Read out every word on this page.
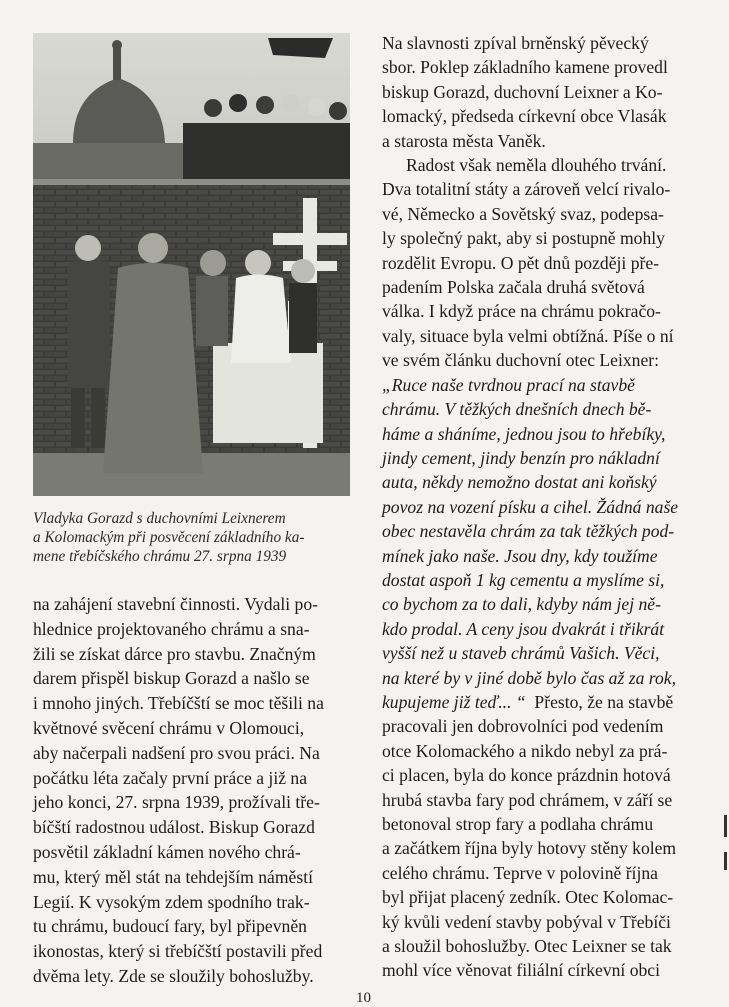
Vladyka Gorazd s duchovními Leixnerem
a Kolomackým při posvěcení základního ka-
mene třebíčského chrámu 27. srpna 1939
na zahájení stavební činnosti. Vydali po-
hlednice projektovaného chrámu a sna-
žili se získat dárce pro stavbu. Značným
darem přispěl biskup Gorazd a našlo se
i mnoho jiných. Třebíčští se moc těšili na
květnové svěcení chrámu v Olomouci,
aby načerpali nadšení pro svou práci. Na
počátku léta začaly první práce a již na
jeho konci, 27. srpna 1939, prožívali tře-
bíčští radostnou událost. Biskup Gorazd
posvětil základní kámen nového chrá-
mu, který měl stát na tehdejším náměstí
Legií. K vysokým zdem spodního trak-
tu chrámu, budoucí fary, byl připevněn
ikonostas, který si třebíčští postavili před
dvěma lety. Zde se sloužily bohoslužby.
Na slavnosti zpíval brněnský pěvecký
sbor. Poklep základního kamene provedl
biskup Gorazd, duchovní Leixner a Ko-
lomacký, předseda církevní obce Vlasák
a starosta města Vaněk.
Radost však neměla dlouhého trvání.
Dva totalitní státy a zároveň velcí rivalo-
vé, Německo a Sovětský svaz, podepsa-
ly společný pakt, aby si postupně mohly
rozdělit Evropu. O pět dnů později pře-
padením Polska začala druhá světová
válka. I když práce na chrámu pokračo-
valy, situace byla velmi obtížná. Píše o ní
ve svém článku duchovní otec Leixner:
„Ruce naše tvrdnou prací na stavbě
chrámu. V těžkých dnešních dnech bě-
háme a sháníme, jednou jsou to hřebíky,
jindy cement, jindy benzín pro nákladní
auta, někdy nemožno dostat ani koňský
povoz na vození písku a cihel. Žádná naše
obec nestavěla chrám za tak těžkých pod-
mínek jako naše. Jsou dny, kdy toužíme
dostat aspoň 1 kg cementu a myslíme si,
co bychom za to dali, kdyby nám jej ně-
kdo prodal. A ceny jsou dvakrát i třikrát
vyšší než u staveb chrámů Vašich. Věci,
na které by v jiné době bylo čas až za rok,
kupujeme již teď... “  Přesto, že na stavbě
pracovali jen dobrovolníci pod vedením
otce Kolomackého a nikdo nebyl za prá-
ci placen, byla do konce prázdnin hotová
hrubá stavba fary pod chrámem, v září se
betonoval strop fary a podlaha chrámu
a začátkem října byly hotovy stěny kolem
celého chrámu. Teprve v polovině října
byl přijat placený zedník. Otec Kolomac-
ký kvůli vedení stavby pobýval v Třebíči
a sloužil bohoslužby. Otec Leixner se tak
mohl více věnovat filiální církevní obci
10
